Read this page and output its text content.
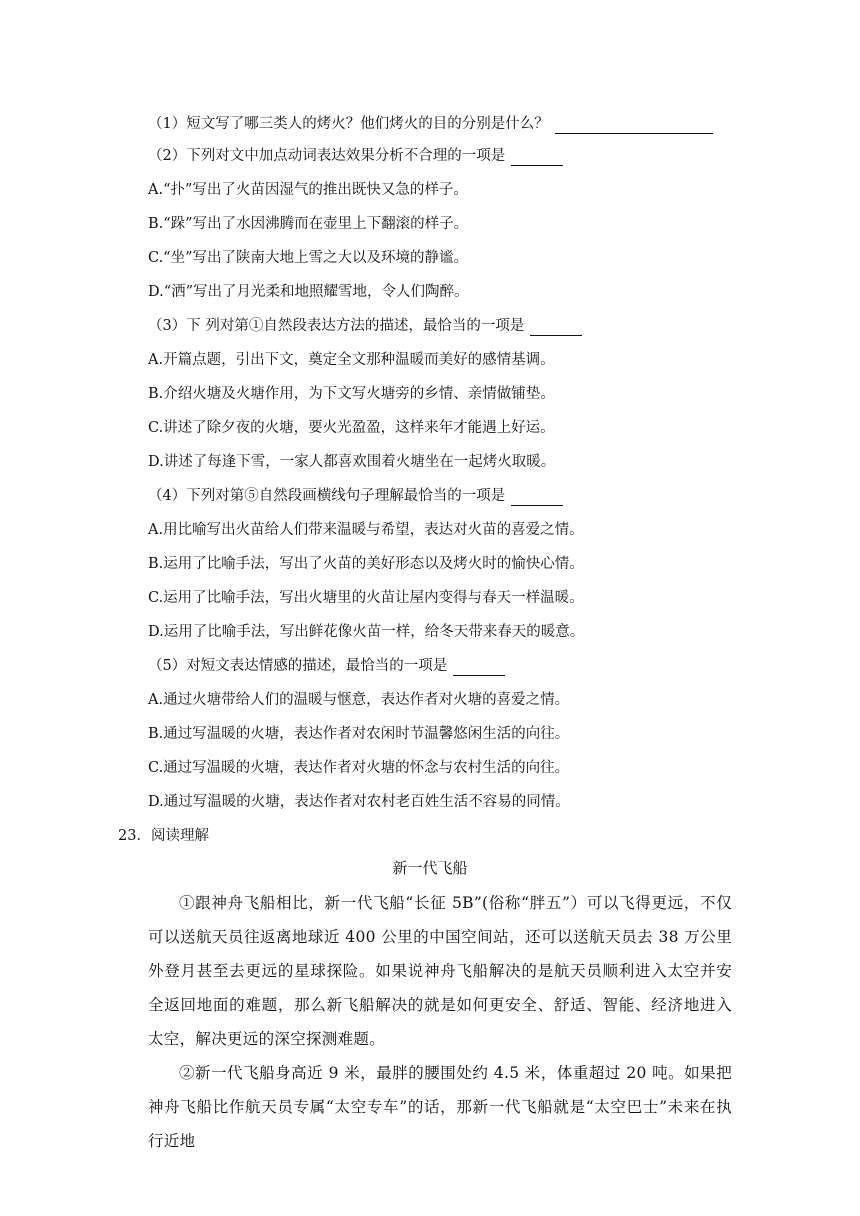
（1）短文写了哪三类人的烤火？他们烤火的目的分别是什么？
（2）下列对文中加点动词表达效果分析不合理的一项是
A.“扑”写出了火苗因湿气的推出既快又急的样子。
B.“跺”写出了水因沸腾而在壶里上下翻滚的样子。
C.“坐”写出了陕南大地上雪之大以及环境的静谧。
D.“洒”写出了月光柔和地照耀雪地，令人们陶醉。
（3）下 列对第①自然段表达方法的描述，最恰当的一项是
A.开篇点题，引出下文，奠定全文那种温暖而美好的感情基调。
B.介绍火塘及火塘作用，为下文写火塘旁的乡情、亲情做铺垫。
C.讲述了除夕夜的火塘，要火光盈盈，这样来年才能遇上好运。
D.讲述了每逢下雪，一家人都喜欢围着火塘坐在一起烤火取暖。
（4）下列对第⑤自然段画横线句子理解最恰当的一项是
A.用比喻写出火苗给人们带来温暖与希望，表达对火苗的喜爱之情。
B.运用了比喻手法，写出了火苗的美好形态以及烤火时的愉快心情。
C.运用了比喻手法，写出火塘里的火苗让屋内变得与春天一样温暖。
D.运用了比喻手法，写出鲜花像火苗一样，给冬天带来春天的暖意。
（5）对短文表达情感的描述，最恰当的一项是
A.通过火塘带给人们的温暖与惬意，表达作者对火塘的喜爱之情。
B.通过写温暖的火塘，表达作者对农闲时节温馨悠闲生活的向往。
C.通过写温暖的火塘，表达作者对火塘的怀念与农村生活的向往。
D.通过写温暖的火塘，表达作者对农村老百姓生活不容易的同情。
23．阅读理解
新一代飞船
①跟神舟飞船相比，新一代飞船“长征 5B”(俗称“胖五”）可以飞得更远，不仅可以送航天员往返离地球近 400 公里的中国空间站，还可以送航天员去 38 万公里外登月甚至去更远的星球探险。如果说神舟飞船解决的是航天员顺利进入太空并安全返回地面的难题，那么新飞船解决的就是如何更安全、舒适、智能、经济地进入太空，解决更远的深空探测难题。
②新一代飞船身高近 9 米，最胖的腰围处约 4.5 米，体重超过 20 吨。如果把神舟飞船比作航天员专属“太空专车”的话，那新一代飞船就是“太空巴士”未来在执行近地
